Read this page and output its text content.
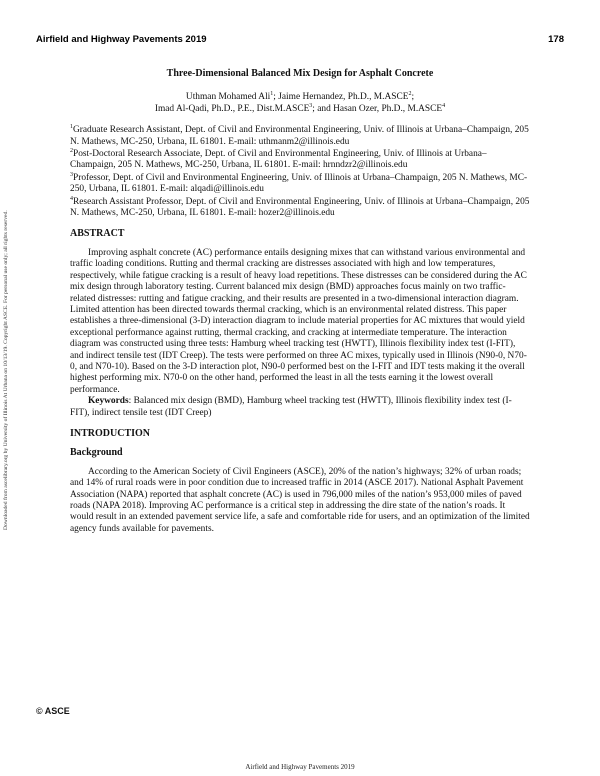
Airfield and Highway Pavements 2019	178
Downloaded from ascelibrary.org by University of Illinois At Urbana on 10/13/19. Copyright ASCE. For personal use only; all rights reserved.
Three-Dimensional Balanced Mix Design for Asphalt Concrete

Uthman Mohamed Ali$^1$; Jaime Hernandez, Ph.D., M.ASCE$^2$;

Imad Al-Qadi, Ph.D., P.E., Dist.M.ASCE$^3$; and Hasan Ozer, Ph.D., M.ASCE$^4$

$^1$Graduate Research Assistant, Dept. of Civil and Environmental Engineering, Univ. of Illinois at Urbana–Champaign, 205 N. Mathews, MC-250, Urbana, IL 61801. E-mail: uthmanm2@illinois.edu

$^2$Post-Doctoral Research Associate, Dept. of Civil and Environmental Engineering, Univ. of Illinois at Urbana–Champaign, 205 N. Mathews, MC-250, Urbana, IL 61801. E-mail: hrnndzr2@illinois.edu

$^3$Professor, Dept. of Civil and Environmental Engineering, Univ. of Illinois at Urbana–Champaign, 205 N. Mathews, MC-250, Urbana, IL 61801. E-mail: alqadi@illinois.edu

$^4$Research Assistant Professor, Dept. of Civil and Environmental Engineering, Univ. of Illinois at Urbana–Champaign, 205 N. Mathews, MC-250, Urbana, IL 61801. E-mail: hozer2@illinois.edu

ABSTRACT

Improving asphalt concrete (AC) performance entails designing mixes that can withstand various environmental and traffic loading conditions. Rutting and thermal cracking are distresses associated with high and low temperatures, respectively, while fatigue cracking is a result of heavy load repetitions. These distresses can be considered during the AC mix design through laboratory testing. Current balanced mix design (BMD) approaches focus mainly on two traffic-related distresses: rutting and fatigue cracking, and their results are presented in a two-dimensional interaction diagram. Limited attention has been directed towards thermal cracking, which is an environmental related distress. This paper establishes a three-dimensional (3-D) interaction diagram to include material properties for AC mixtures that would yield exceptional performance against rutting, thermal cracking, and cracking at intermediate temperature. The interaction diagram was constructed using three tests: Hamburg wheel tracking test (HWTT), Illinois flexibility index test (I-FIT), and indirect tensile test (IDT Creep). The tests were performed on three AC mixes, typically used in Illinois (N90-0, N70-0, and N70-10). Based on the 3-D interaction plot, N90-0 performed best on the I-FIT and IDT tests making it the overall highest performing mix. N70-0 on the other hand, performed the least in all the tests earning it the lowest overall performance.

Keywords: Balanced mix design (BMD), Hamburg wheel tracking test (HWTT), Illinois flexibility index test (I-FIT), indirect tensile test (IDT Creep)

INTRODUCTION
Background

According to the American Society of Civil Engineers (ASCE), 20% of the nation’s highways; 32% of urban roads; and 14% of rural roads were in poor condition due to increased traffic in 2014 (ASCE 2017). National Asphalt Pavement Association (NAPA) reported that asphalt concrete (AC) is used in 796,000 miles of the nation’s 953,000 miles of paved roads (NAPA 2018). Improving AC performance is a critical step in addressing the dire state of the nation’s roads. It would result in an extended pavement service life, a safe and comfortable ride for users, and an optimization of the limited agency funds available for pavements.

© ASCE
Airfield and Highway Pavements 2019
